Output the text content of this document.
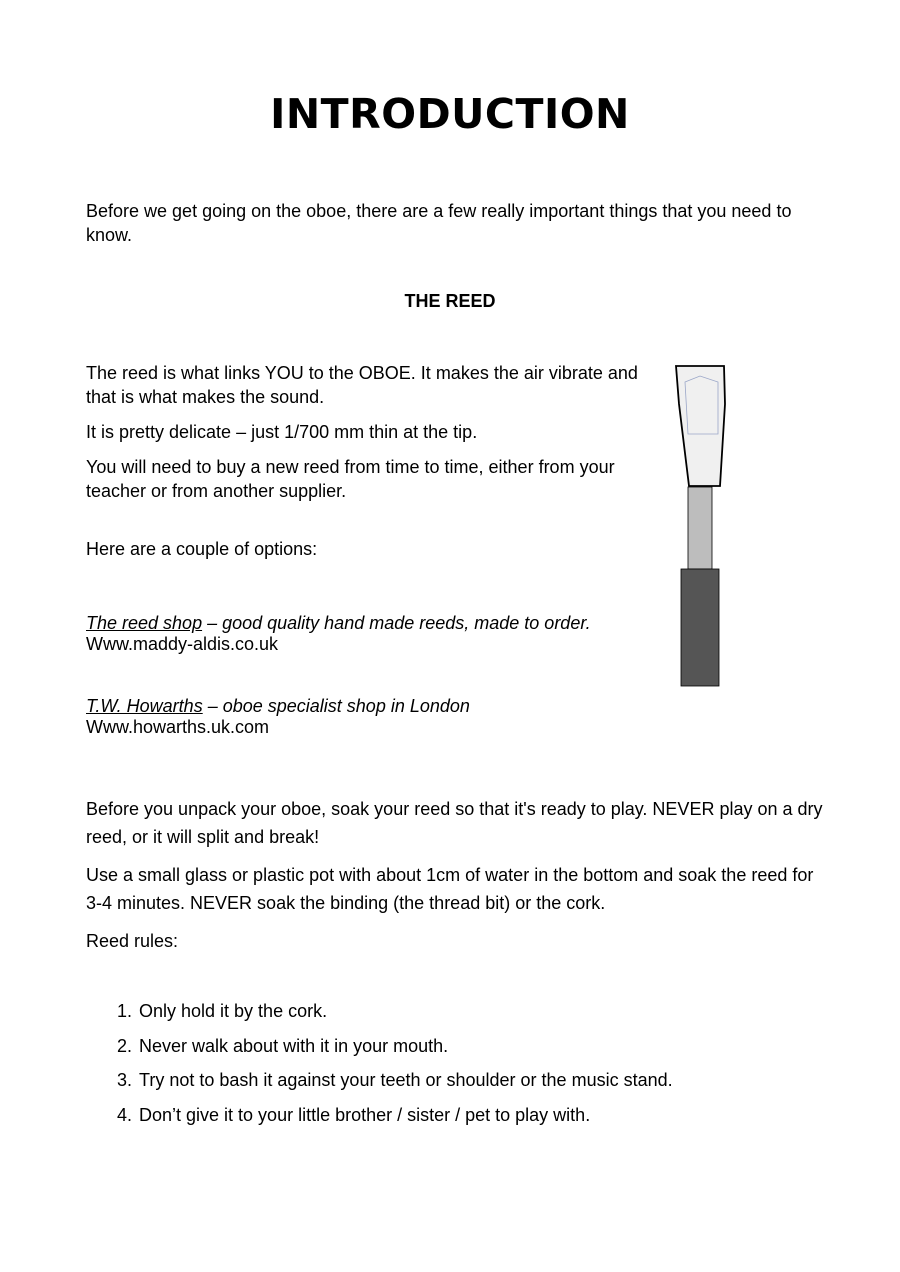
INTRODUCTION

Before we get going on the oboe, there are a few really important things that you need to know.

THE REED

The reed is what links YOU to the OBOE. It makes the air vibrate and that is what makes the sound.

It is pretty delicate – just 1/700 mm thin at the tip.

You will need to buy a new reed from time to time, either from your teacher or from another supplier.

Here are a couple of options:

The reed shop – good quality hand made reeds, made to order.
Www.maddy-aldis.co.uk
T.W. Howarths – oboe specialist shop in London
Www.howarths.uk.com

Before you unpack your oboe, soak your reed so that it's ready to play. NEVER play on a dry reed, or it will split and break!

Use a small glass or plastic pot with about 1cm of water in the bottom and soak the reed for 3-4 minutes. NEVER soak the binding (the thread bit) or the cork.

Reed rules:

1. Only hold it by the cork.
2. Never walk about with it in your mouth.
3. Try not to bash it against your teeth or shoulder or the music stand.
4. Don’t give it to your little brother / sister / pet to play with.
